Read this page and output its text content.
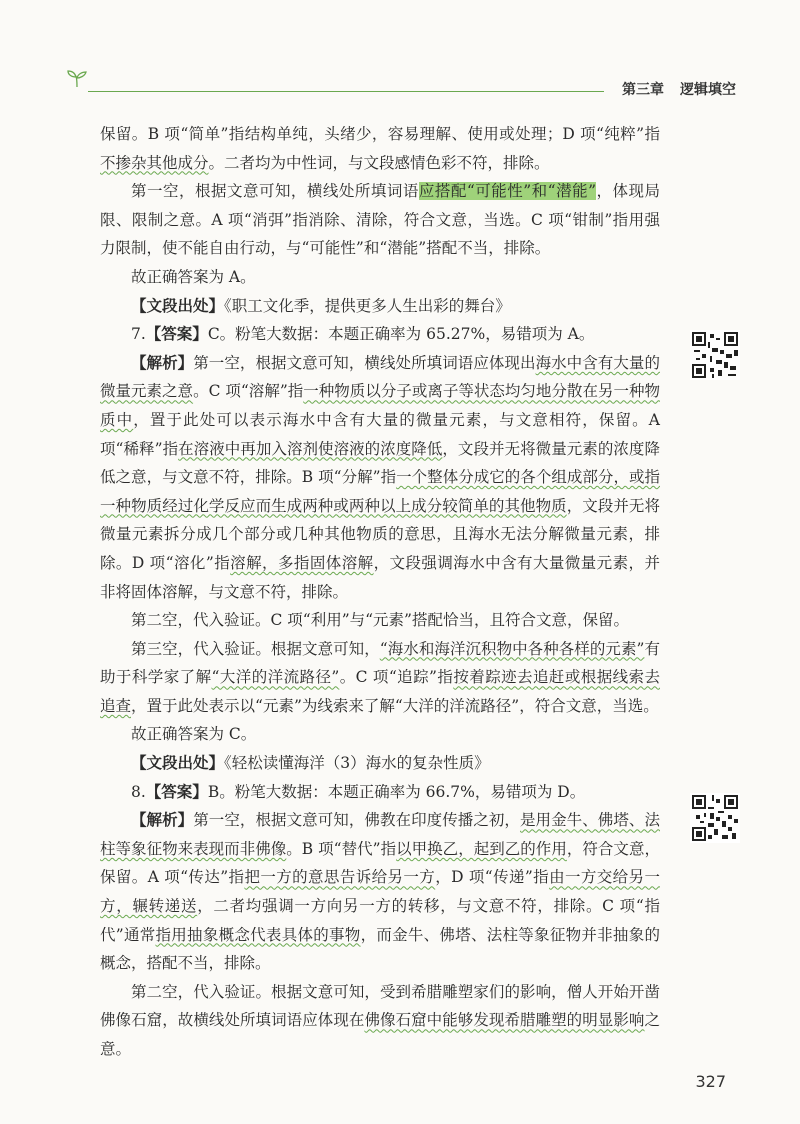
第三章 逻辑填空

保留。B 项“简单”指结构单纯，头绪少，容易理解、使用或处理；D 项“纯粹”指不掺杂其他成分。二者均为中性词，与文段感情色彩不符，排除。

第一空，根据文意可知，横线处所填词语应搭配“可能性”和“潜能”，体现局限、限制之意。A 项“消弭”指消除、清除，符合文意，当选。C 项“钳制”指用强力限制，使不能自由行动，与“可能性”和“潜能”搭配不当，排除。

故正确答案为 A。

【文段出处】《职工文化季，提供更多人生出彩的舞台》

7.【答案】C。粉笔大数据：本题正确率为 65.27%，易错项为 A。

【解析】第一空，根据文意可知，横线处所填词语应体现出海水中含有大量的微量元素之意。C 项“溶解”指一种物质以分子或离子等状态均匀地分散在另一种物质中，置于此处可以表示海水中含有大量的微量元素，与文意相符，保留。A 项“稀释”指在溶液中再加入溶剂使溶液的浓度降低，文段并无将微量元素的浓度降低之意，与文意不符，排除。B 项“分解”指一个整体分成它的各个组成部分，或指一种物质经过化学反应而生成两种或两种以上成分较简单的其他物质，文段并无将微量元素拆分成几个部分或几种其他物质的意思，且海水无法分解微量元素，排除。D 项“溶化”指溶解，多指固体溶解，文段强调海水中含有大量微量元素，并非将固体溶解，与文意不符，排除。

第二空，代入验证。C 项“利用”与“元素”搭配恰当，且符合文意，保留。

第三空，代入验证。根据文意可知，“海水和海洋沉积物中各种各样的元素”有助于科学家了解“大洋的洋流路径”。C 项“追踪”指按着踪迹去追赶或根据线索去追查，置于此处表示以“元素”为线索来了解“大洋的洋流路径”，符合文意，当选。

故正确答案为 C。

【文段出处】《轻松读懂海洋（3）海水的复杂性质》

8.【答案】B。粉笔大数据：本题正确率为 66.7%，易错项为 D。

【解析】第一空，根据文意可知，佛教在印度传播之初，是用金牛、佛塔、法柱等象征物来表现而非佛像。B 项“替代”指以甲换乙，起到乙的作用，符合文意，保留。A 项“传达”指把一方的意思告诉给另一方，D 项“传递”指由一方交给另一方，辗转递送，二者均强调一方向另一方的转移，与文意不符，排除。C 项“指代”通常指用抽象概念代表具体的事物，而金牛、佛塔、法柱等象征物并非抽象的概念，搭配不当，排除。

第二空，代入验证。根据文意可知，受到希腊雕塑家们的影响，僧人开始开凿佛像石窟，故横线处所填词语应体现在佛像石窟中能够发现希腊雕塑的明显影响之意。

327
